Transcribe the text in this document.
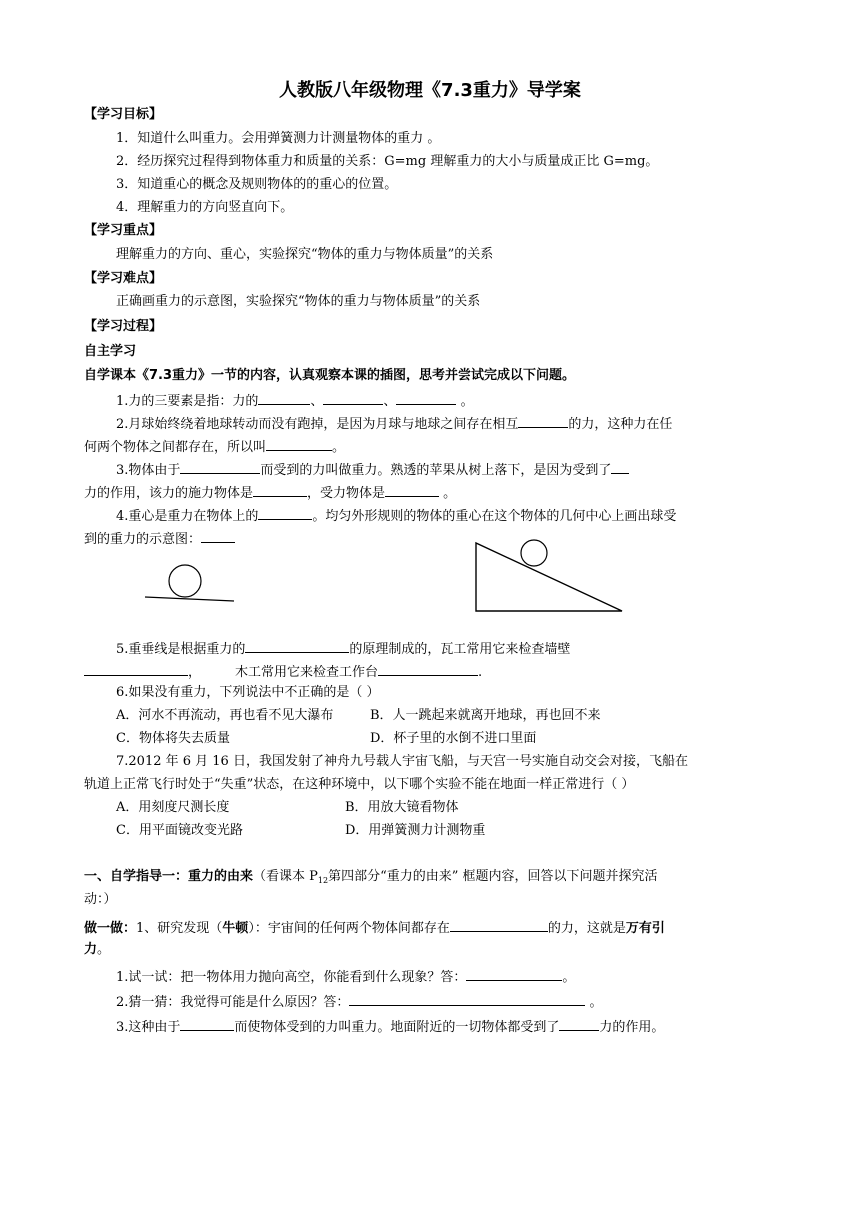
人教版八年级物理《7.3重力》导学案
【学习目标】
1．知道什么叫重力。会用弹簧测力计测量物体的重力 。
2．经历探究过程得到物体重力和质量的关系：G=mg 理解重力的大小与质量成正比 G=mg。
3．知道重心的概念及规则物体的的重心的位置。
4．理解重力的方向竖直向下。
【学习重点】
理解重力的方向、重心，实验探究“物体的重力与物体质量”的关系
【学习难点】
正确画重力的示意图，实验探究“物体的重力与物体质量”的关系
【学习过程】
自主学习
自学课本《7.3重力》一节的内容，认真观察本课的插图，思考并尝试完成以下问题。
1.力的三要素是指：力的	、	、	。
2.月球始终绕着地球转动而没有跑掉，是因为月球与地球之间存在相互	的力，这种力在任
何两个物体之间都存在，所以叫	。
3.物体由于	而受到的力叫做重力。熟透的苹果从树上落下，是因为受到了
力的作用，该力的施力物体是	，受力物体是	。
4.重心是重力在物体上的	。均匀外形规则的物体的重心在这个物体的几何中心上画出球受
到的重力的示意图：
5.重垂线是根据重力的	的原理制成的，瓦工常用它来检查墙壁
，	木工常用它来检查工作台	.
6.如果没有重力，下列说法中不正确的是（ ）
A．河水不再流动，再也看不见大瀑布	B．人一跳起来就离开地球，再也回不来
C．物体将失去质量	D．杯子里的水倒不进口里面
7.2012 年 6 月 16 日，我国发射了神舟九号载人宇宙飞船，与天宫一号实施自动交会对接，飞船在
轨道上正常飞行时处于“失重”状态，在这种环境中，以下哪个实验不能在地面一样正常进行（ ）
A．用刻度尺测长度	B．用放大镜看物体
C．用平面镜改变光路	D．用弹簧测力计测物重
一、自学指导一：重力的由来（看课本 $P_{12}$第四部分“重力的由来” 框题内容，回答以下问题并探究活
动：）
做一做：1、研究发现（牛顿）：宇宙间的任何两个物体间都存在	的力，这就是万有引
力。
1.试一试：把一物体用力抛向高空，你能看到什么现象？答：	。
2.猜一猜：我觉得可能是什么原因？答：	。
3.这种由于	而使物体受到的力叫重力。地面附近的一切物体都受到了	力的作用。
